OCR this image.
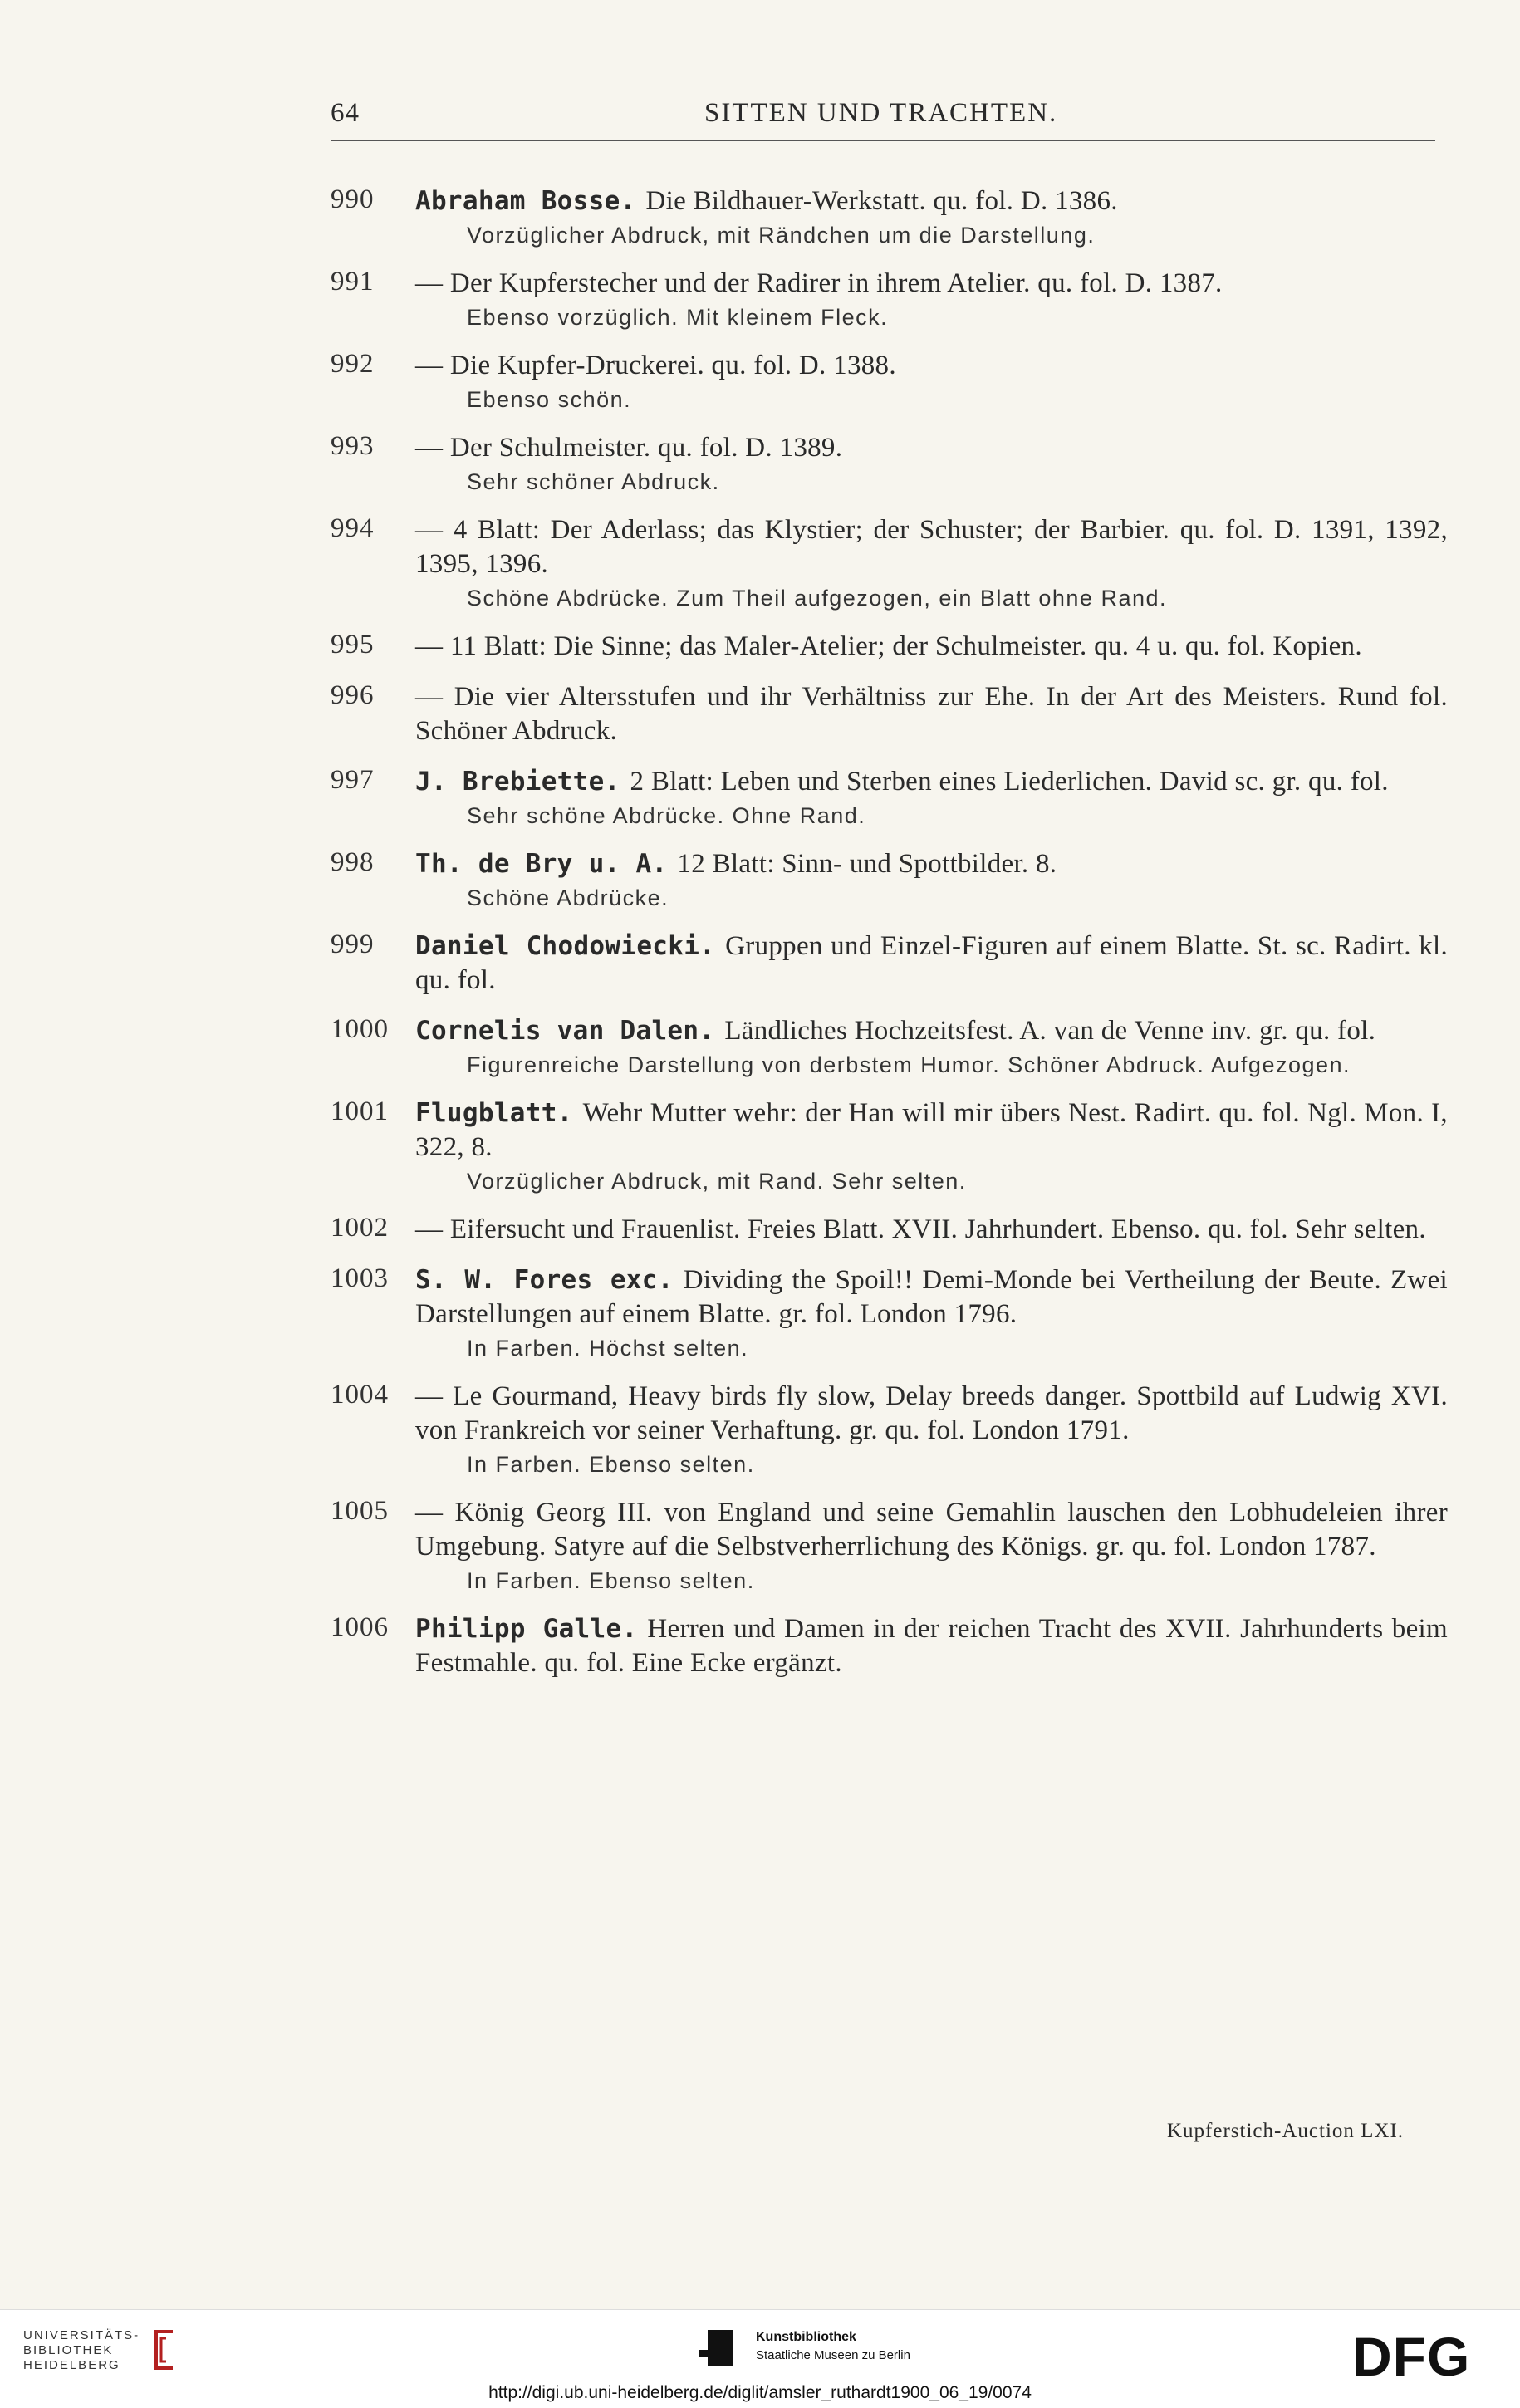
64	SITTEN UND TRACHTEN.
990 Abraham Bosse. Die Bildhauer-Werkstatt. qu. fol. D. 1386.
Vorzüglicher Abdruck, mit Rändchen um die Darstellung.
991 — Der Kupferstecher und der Radirer in ihrem Atelier. qu. fol. D. 1387.
Ebenso vorzüglich. Mit kleinem Fleck.
992 — Die Kupfer-Druckerei. qu. fol. D. 1388.
Ebenso schön.
993 — Der Schulmeister. qu. fol. D. 1389.
Sehr schöner Abdruck.
994 — 4 Blatt: Der Aderlass; das Klystier; der Schuster; der Barbier. qu. fol. D. 1391, 1392, 1395, 1396.
Schöne Abdrücke. Zum Theil aufgezogen, ein Blatt ohne Rand.
995 — 11 Blatt: Die Sinne; das Maler-Atelier; der Schulmeister. qu. 4 u. qu. fol. Kopien.
996 — Die vier Altersstufen und ihr Verhältniss zur Ehe. In der Art des Meisters. Rund fol. Schöner Abdruck.
997 J. Brebiette. 2 Blatt: Leben und Sterben eines Liederlichen. David sc. gr. qu. fol.
Sehr schöne Abdrücke. Ohne Rand.
998 Th. de Bry u. A. 12 Blatt: Sinn- und Spottbilder. 8.
Schöne Abdrücke.
999 Daniel Chodowiecki. Gruppen und Einzel-Figuren auf einem Blatte. St. sc. Radirt. kl. qu. fol.
1000 Cornelis van Dalen. Ländliches Hochzeitsfest. A. van de Venne inv. gr. qu. fol.
Figurenreiche Darstellung von derbstem Humor. Schöner Abdruck. Aufgezogen.
1001 Flugblatt. Wehr Mutter wehr: der Han will mir übers Nest. Radirt. qu. fol. Ngl. Mon. I, 322, 8.
Vorzüglicher Abdruck, mit Rand. Sehr selten.
1002 — Eifersucht und Frauenlist. Freies Blatt. XVII. Jahrhundert. Ebenso. qu. fol. Sehr selten.
1003 S. W. Fores exc. Dividing the Spoil!! Demi-Monde bei Vertheilung der Beute. Zwei Darstellungen auf einem Blatte. gr. fol. London 1796.
In Farben. Höchst selten.
1004 — Le Gourmand, Heavy birds fly slow, Delay breeds danger. Spottbild auf Ludwig XVI. von Frankreich vor seiner Verhaftung. gr. qu. fol. London 1791.
In Farben. Ebenso selten.
1005 — König Georg III. von England und seine Gemahlin lauschen den Lobhudeleien ihrer Umgebung. Satyre auf die Selbstverherrlichung des Königs. gr. qu. fol. London 1787.
In Farben. Ebenso selten.
1006 Philipp Galle. Herren und Damen in der reichen Tracht des XVII. Jahrhunderts beim Festmahle. qu. fol. Eine Ecke ergänzt.
Kupferstich-Auction LXI.
UNIVERSITÄTS-
BIBLIOTHEK
HEIDELBERG
Kunstbibliothek
Staatliche Museen zu Berlin	DFG
http://digi.ub.uni-heidelberg.de/diglit/amsler_ruthardt1900_06_19/0074
